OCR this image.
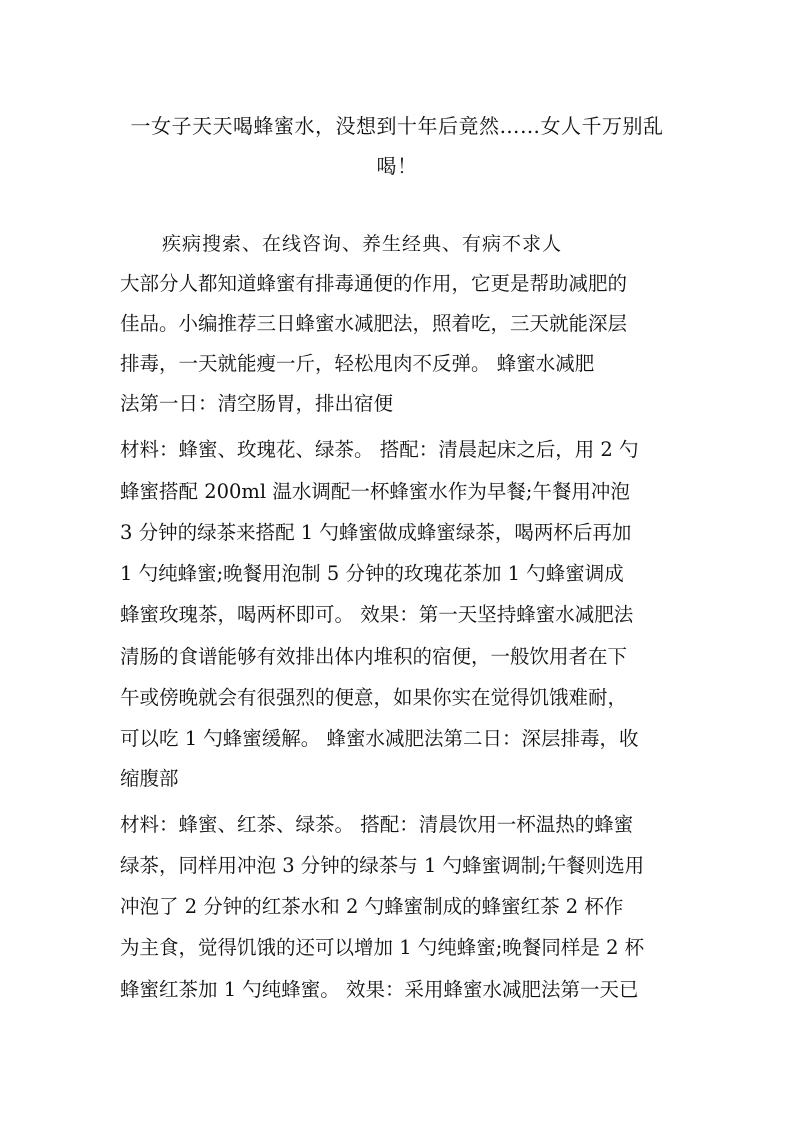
一女子天天喝蜂蜜水，没想到十年后竟然……女人千万别乱喝！
疾病搜索、在线咨询、养生经典、有病不求人
大部分人都知道蜂蜜有排毒通便的作用，它更是帮助减肥的
佳品。小编推荐三日蜂蜜水减肥法，照着吃，三天就能深层
排毒，一天就能瘦一斤，轻松甩肉不反弹。 蜂蜜水减肥
法第一日：清空肠胃，排出宿便
材料：蜂蜜、玫瑰花、绿茶。 搭配：清晨起床之后，用 2 勺
蜂蜜搭配 200ml 温水调配一杯蜂蜜水作为早餐;午餐用冲泡
3 分钟的绿茶来搭配 1 勺蜂蜜做成蜂蜜绿茶，喝两杯后再加
1 勺纯蜂蜜;晚餐用泡制 5 分钟的玫瑰花茶加 1 勺蜂蜜调成
蜂蜜玫瑰茶，喝两杯即可。 效果：第一天坚持蜂蜜水减肥法
清肠的食谱能够有效排出体内堆积的宿便，一般饮用者在下
午或傍晚就会有很强烈的便意，如果你实在觉得饥饿难耐，
可以吃 1 勺蜂蜜缓解。 蜂蜜水减肥法第二日：深层排毒，收
缩腹部
材料：蜂蜜、红茶、绿茶。 搭配：清晨饮用一杯温热的蜂蜜
绿茶，同样用冲泡 3 分钟的绿茶与 1 勺蜂蜜调制;午餐则选用
冲泡了 2 分钟的红茶水和 2 勺蜂蜜制成的蜂蜜红茶 2 杯作
为主食，觉得饥饿的还可以增加 1 勺纯蜂蜜;晚餐同样是 2 杯
蜂蜜红茶加 1 勺纯蜂蜜。 效果：采用蜂蜜水减肥法第一天已
